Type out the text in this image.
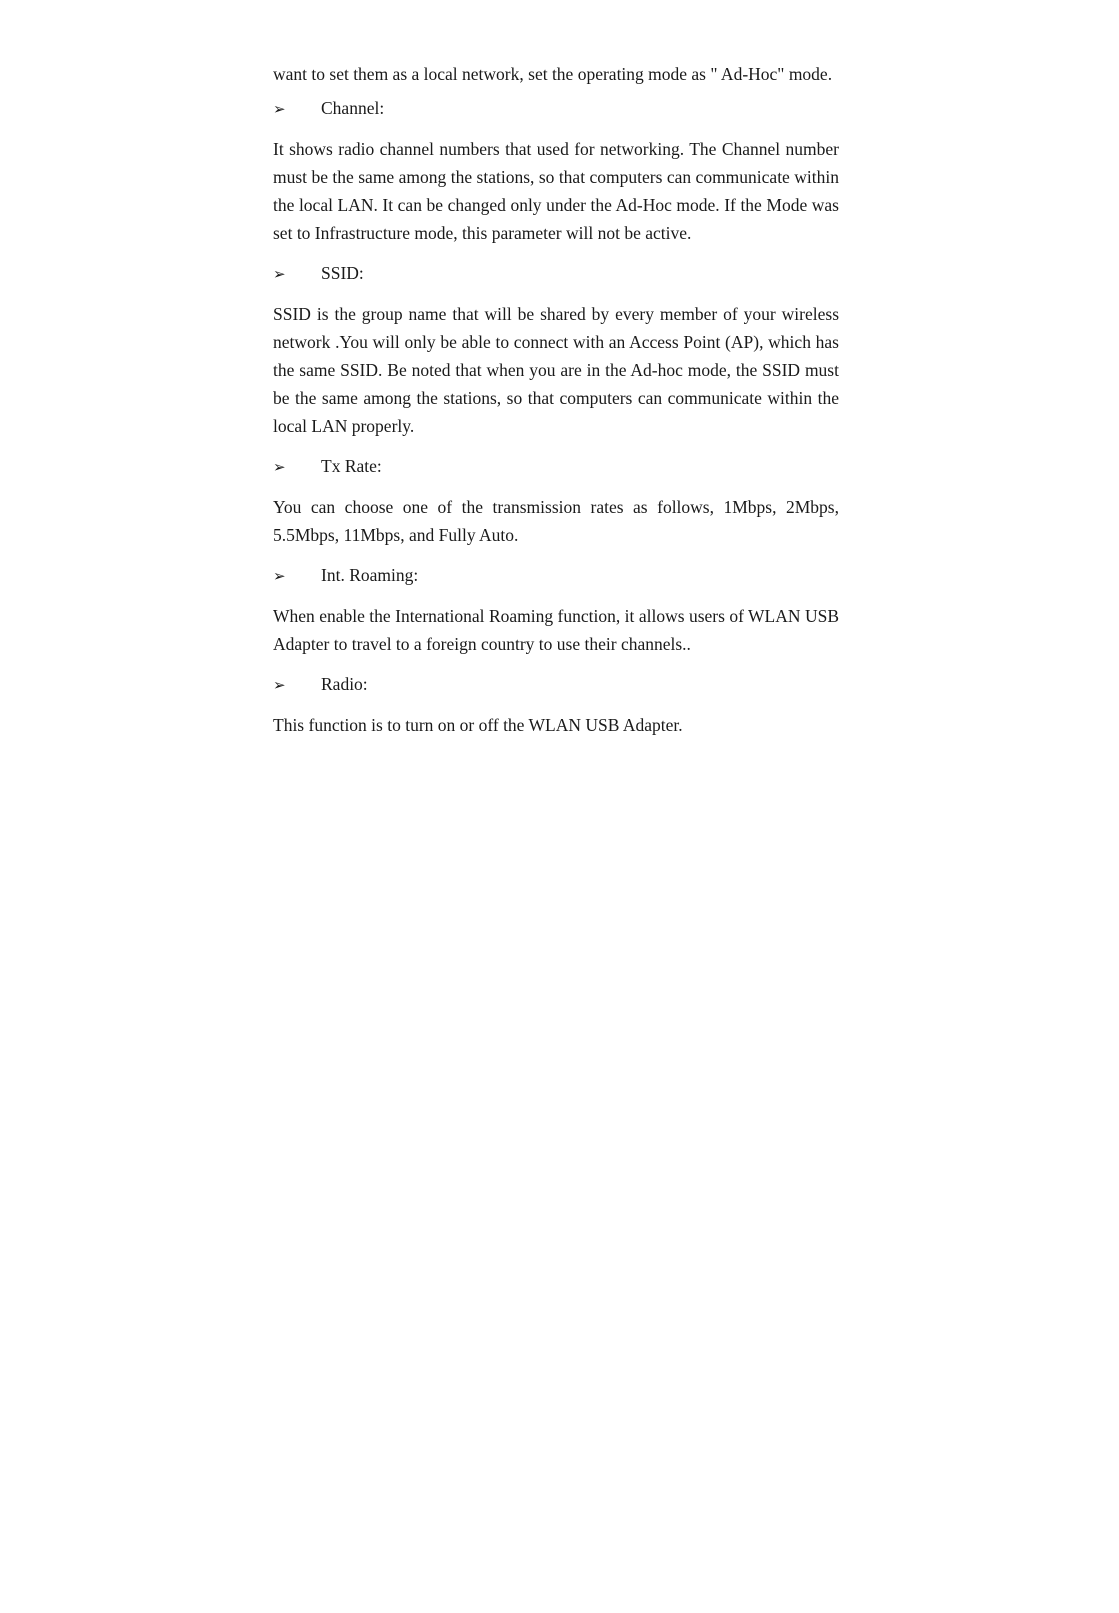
want to set them as a local network, set the operating mode as " Ad-Hoc" mode.

➢	Channel:

It shows radio channel numbers that used for networking. The Channel number must be the same among the stations, so that computers can communicate within the local LAN. It can be changed only under the Ad-Hoc mode. If the Mode was set to Infrastructure mode, this parameter will not be active.

➢	SSID:

SSID is the group name that will be shared by every member of your wireless network .You will only be able to connect with an Access Point (AP), which has the same SSID. Be noted that when you are in the Ad-hoc mode, the SSID must be the same among the stations, so that computers can communicate within the local LAN properly.

➢	Tx Rate:

You can choose one of the transmission rates as follows, 1Mbps, 2Mbps, 5.5Mbps, 11Mbps, and Fully Auto.

➢	Int. Roaming:

When enable the International Roaming function, it allows users of WLAN USB Adapter to travel to a foreign country to use their channels..

➢	Radio:

This function is to turn on or off the WLAN USB Adapter.
